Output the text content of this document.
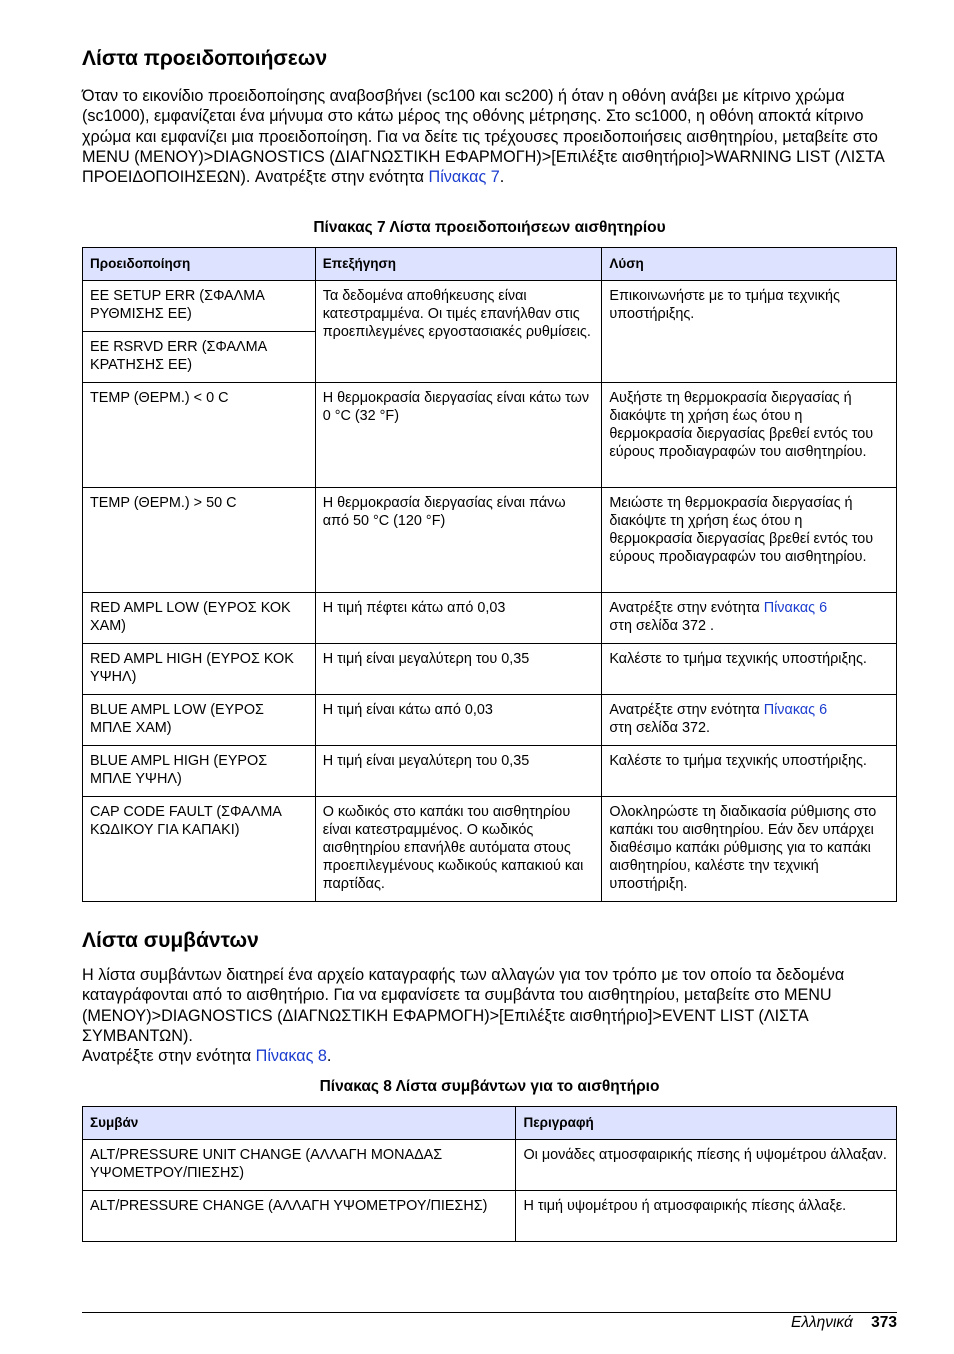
Λίστα προειδοποιήσεων

Όταν το εικονίδιο προειδοποίησης αναβοσβήνει (sc100 και sc200) ή όταν η οθόνη ανάβει με κίτρινο χρώμα (sc1000), εμφανίζεται ένα μήνυμα στο κάτω μέρος της οθόνης μέτρησης. Στο sc1000, η οθόνη αποκτά κίτρινο χρώμα και εμφανίζει μια προειδοποίηση. Για να δείτε τις τρέχουσες προειδοποιήσεις αισθητηρίου, μεταβείτε στο MENU (ΜΕΝΟΥ)>DIAGNOSTICS (ΔΙΑΓΝΩΣΤΙΚΗ ΕΦΑΡΜΟΓΗ)>[Επιλέξτε αισθητήριο]>WARNING LIST (ΛΙΣΤΑ ΠΡΟΕΙΔΟΠΟΙΗΣΕΩΝ). Ανατρέξτε στην ενότητα Πίνακας 7.

Πίνακας 7 Λίστα προειδοποιήσεων αισθητηρίου
Προειδοποίηση	Επεξήγηση	Λύση
EE SETUP ERR (ΣΦΑΛΜΑ ΡΥΘΜΙΣΗΣ ΕΕ)	Τα δεδομένα αποθήκευσης είναι κατεστραμμένα. Οι τιμές επανήλθαν στις προεπιλεγμένες εργοστασιακές ρυθμίσεις.	Επικοινωνήστε με το τμήμα τεχνικής υποστήριξης.
EE RSRVD ERR (ΣΦΑΛΜΑ ΚΡΑΤΗΣΗΣ ΕΕ)		
TEMP (ΘΕΡΜ.) < 0 C	Η θερμοκρασία διεργασίας είναι κάτω των 0 °C (32 °F)	Αυξήστε τη θερμοκρασία διεργασίας ή διακόψτε τη χρήση έως ότου η θερμοκρασία διεργασίας βρεθεί εντός του εύρους προδιαγραφών του αισθητηρίου.
TEMP (ΘΕΡΜ.) > 50 C	Η θερμοκρασία διεργασίας είναι πάνω από 50 °C (120 °F)	Μειώστε τη θερμοκρασία διεργασίας ή διακόψτε τη χρήση έως ότου η θερμοκρασία διεργασίας βρεθεί εντός του εύρους προδιαγραφών του αισθητηρίου.
RED AMPL LOW (ΕΥΡΟΣ ΚΟΚ ΧΑΜ)	Η τιμή πέφτει κάτω από 0,03	Ανατρέξτε στην ενότητα Πίνακας 6
στη σελίδα 372 .
RED AMPL HIGH (ΕΥΡΟΣ ΚΟΚ ΥΨΗΛ)	Η τιμή είναι μεγαλύτερη του 0,35	Καλέστε το τμήμα τεχνικής υποστήριξης.
BLUE AMPL LOW (ΕΥΡΟΣ ΜΠΛΕ ΧΑΜ)	Η τιμή είναι κάτω από 0,03	Ανατρέξτε στην ενότητα Πίνακας 6
στη σελίδα 372.
BLUE AMPL HIGH (ΕΥΡΟΣ ΜΠΛΕ ΥΨΗΛ)	Η τιμή είναι μεγαλύτερη του 0,35	Καλέστε το τμήμα τεχνικής υποστήριξης.
CAP CODE FAULT (ΣΦΑΛΜΑ ΚΩΔΙΚΟΥ ΓΙΑ ΚΑΠΑΚΙ)	Ο κωδικός στο καπάκι του αισθητηρίου είναι κατεστραμμένος. Ο κωδικός αισθητηρίου επανήλθε αυτόματα στους προεπιλεγμένους κωδικούς καπακιού και παρτίδας.	Ολοκληρώστε τη διαδικασία ρύθμισης στο καπάκι του αισθητηρίου. Εάν δεν υπάρχει διαθέσιμο καπάκι ρύθμισης για το καπάκι αισθητηρίου, καλέστε την τεχνική υποστήριξη.
Λίστα συμβάντων

Η λίστα συμβάντων διατηρεί ένα αρχείο καταγραφής των αλλαγών για τον τρόπο με τον οποίο τα δεδομένα καταγράφονται από το αισθητήριο. Για να εμφανίσετε τα συμβάντα του αισθητηρίου, μεταβείτε στο MENU (ΜΕΝΟΥ)>DIAGNOSTICS (ΔΙΑΓΝΩΣΤΙΚΗ ΕΦΑΡΜΟΓΗ)>[Επιλέξτε αισθητήριο]>EVENT LIST (ΛΙΣΤΑ ΣΥΜΒΑΝΤΩΝ).
Ανατρέξτε στην ενότητα Πίνακας 8.

Πίνακας 8 Λίστα συμβάντων για το αισθητήριο
Συμβάν	Περιγραφή
ALT/PRESSURE UNIT CHANGE (ΑΛΛΑΓΗ ΜΟΝΑΔΑΣ ΥΨΟΜΕΤΡΟΥ/ΠΙΕΣΗΣ)	Οι μονάδες ατμοσφαιρικής πίεσης ή υψομέτρου άλλαξαν.
ALT/PRESSURE CHANGE (ΑΛΛΑΓΗ ΥΨΟΜΕΤΡΟΥ/ΠΙΕΣΗΣ)	Η τιμή υψομέτρου ή ατμοσφαιρικής πίεσης άλλαξε.
Ελληνικά 373
